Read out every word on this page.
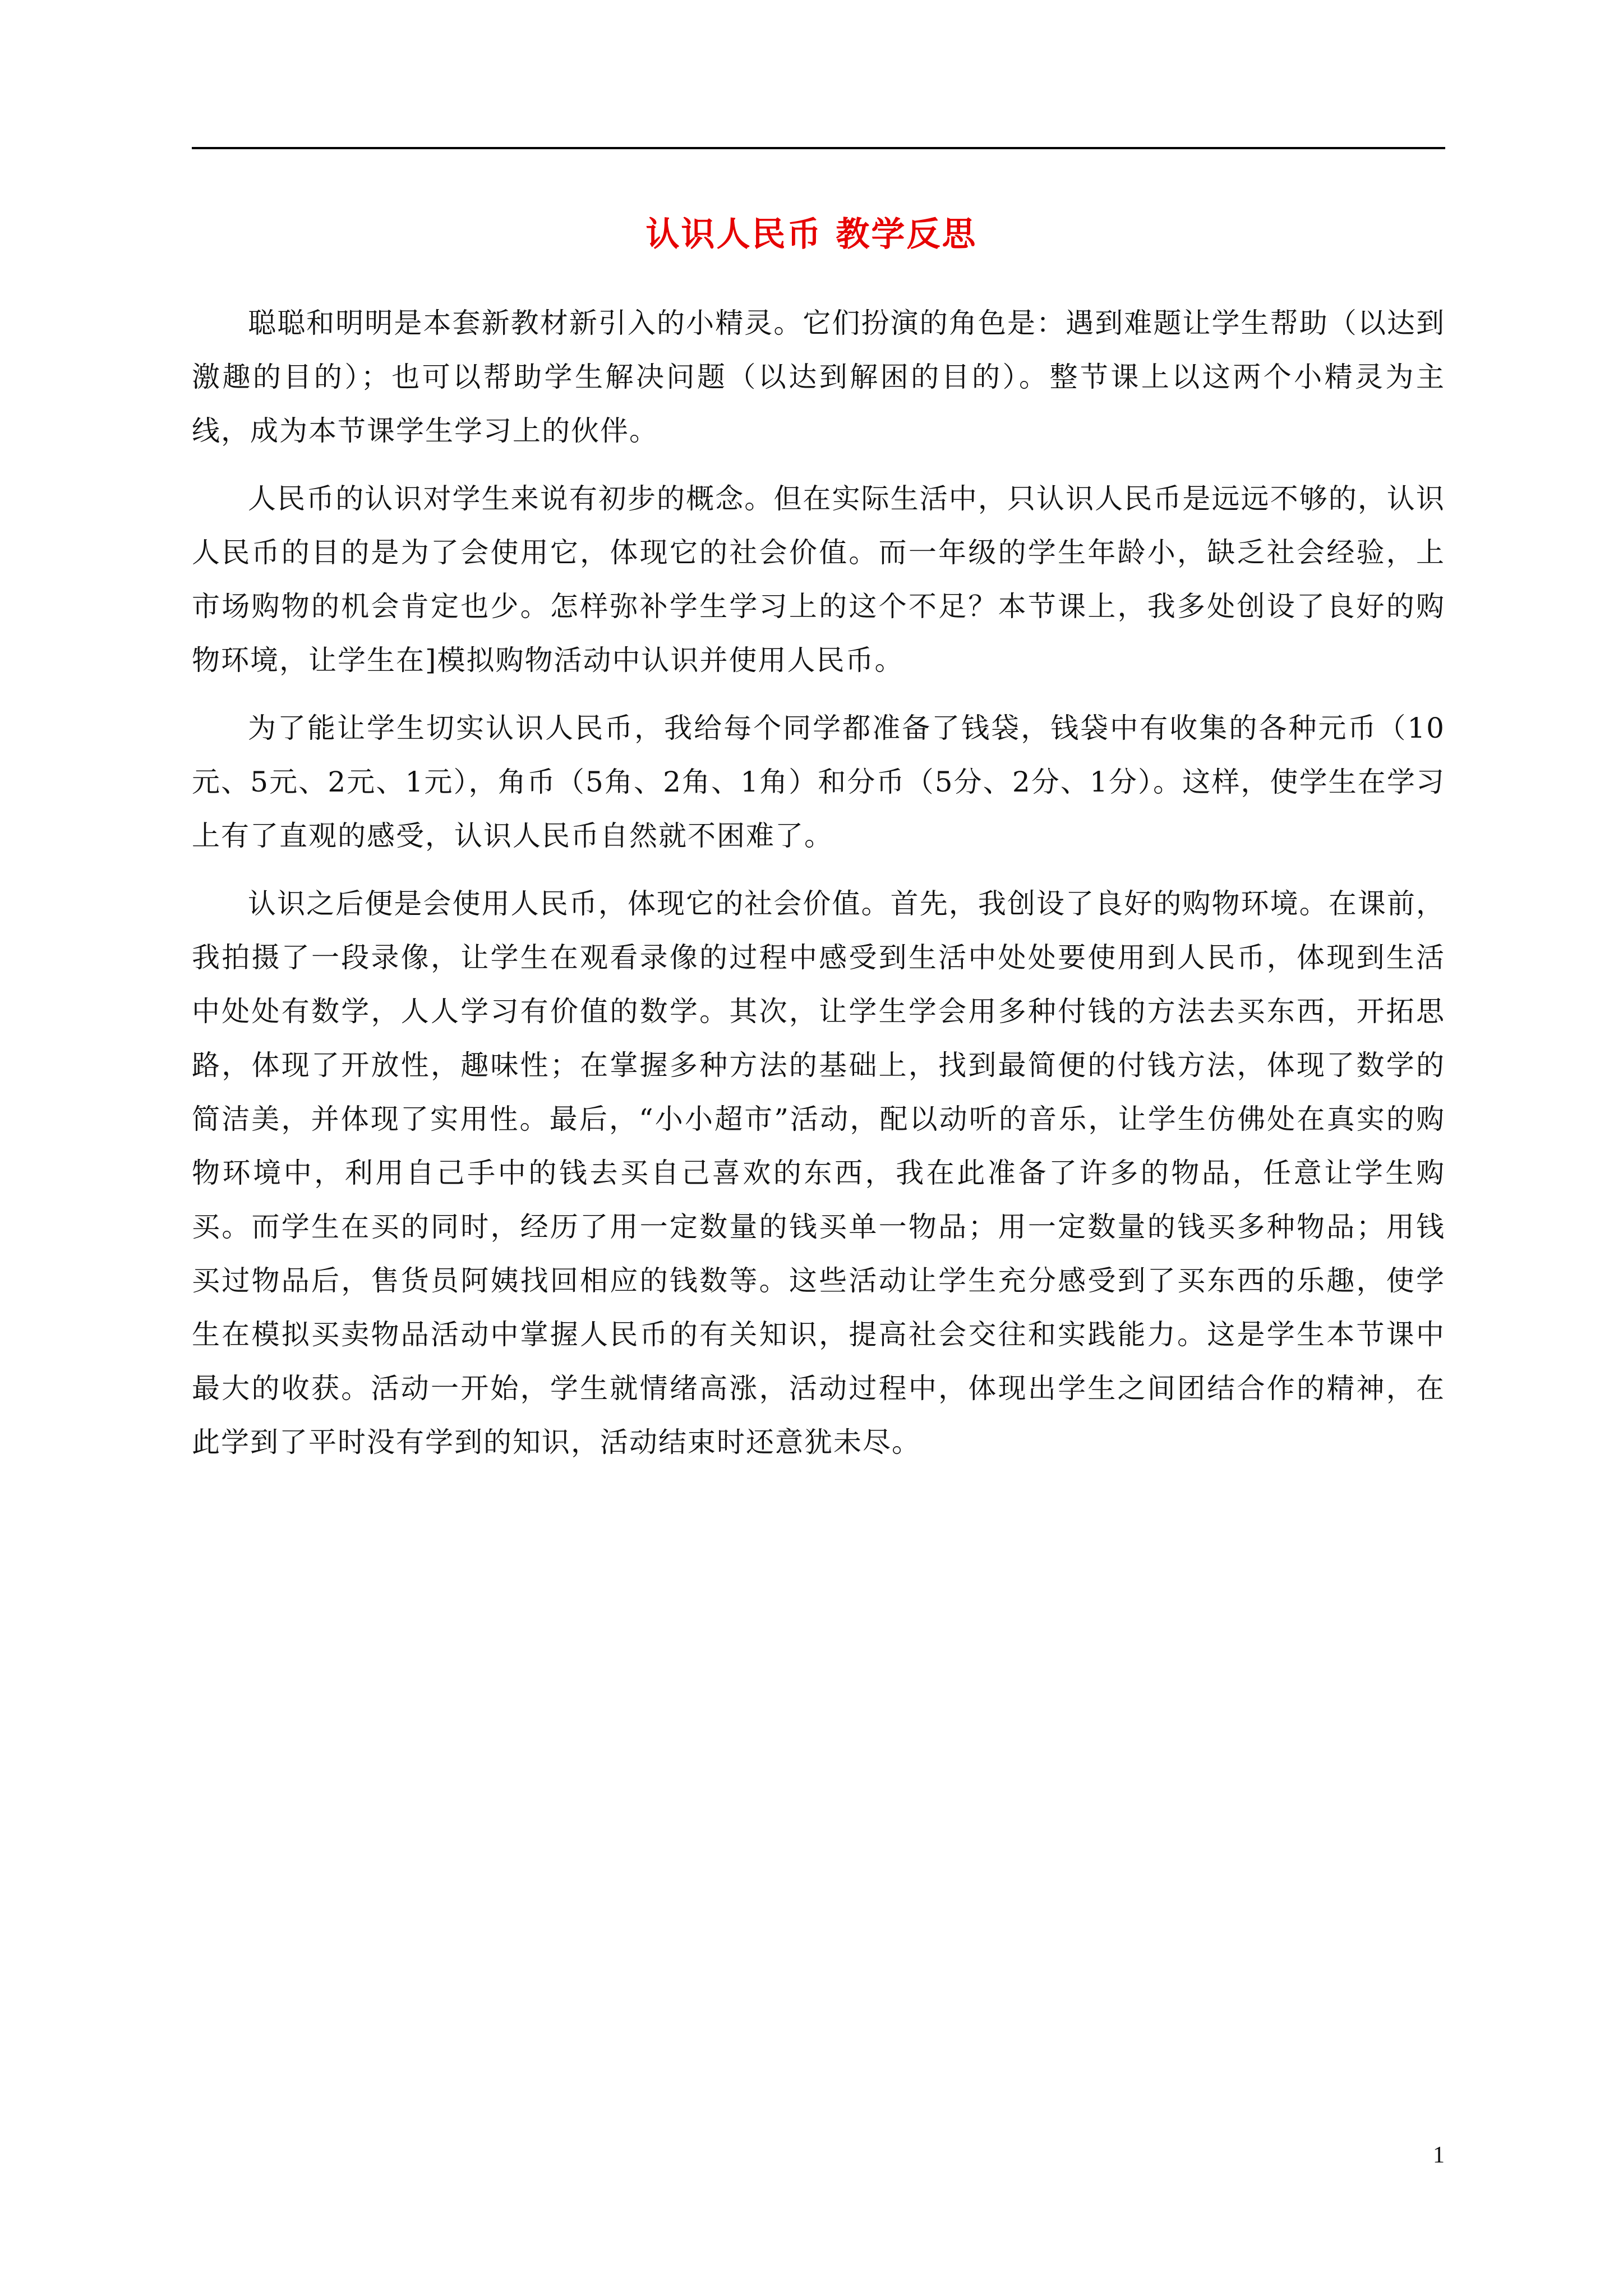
认识人民币 教学反思

聪聪和明明是本套新教材新引入的小精灵。它们扮演的角色是：遇到难题让学生帮助（以达到激趣的目的）；也可以帮助学生解决问题（以达到解困的目的）。整节课上以这两个小精灵为主线，成为本节课学生学习上的伙伴。

人民币的认识对学生来说有初步的概念。但在实际生活中，只认识人民币是远远不够的，认识人民币的目的是为了会使用它，体现它的社会价值。而一年级的学生年龄小，缺乏社会经验，上市场购物的机会肯定也少。怎样弥补学生学习上的这个不足？本节课上，我多处创设了良好的购物环境，让学生在]模拟购物活动中认识并使用人民币。

为了能让学生切实认识人民币，我给每个同学都准备了钱袋，钱袋中有收集的各种元币（10元、5元、2元、1元），角币（5角、2角、1角）和分币（5分、2分、1分）。这样，使学生在学习上有了直观的感受，认识人民币自然就不困难了。

认识之后便是会使用人民币，体现它的社会价值。首先，我创设了良好的购物环境。在课前，我拍摄了一段录像，让学生在观看录像的过程中感受到生活中处处要使用到人民币，体现到生活中处处有数学，人人学习有价值的数学。其次，让学生学会用多种付钱的方法去买东西，开拓思路，体现了开放性，趣味性；在掌握多种方法的基础上，找到最简便的付钱方法，体现了数学的简洁美，并体现了实用性。最后，“小小超市”活动，配以动听的音乐，让学生仿佛处在真实的购物环境中，利用自己手中的钱去买自己喜欢的东西，我在此准备了许多的物品，任意让学生购买。而学生在买的同时，经历了用一定数量的钱买单一物品；用一定数量的钱买多种物品；用钱买过物品后，售货员阿姨找回相应的钱数等。这些活动让学生充分感受到了买东西的乐趣，使学生在模拟买卖物品活动中掌握人民币的有关知识，提高社会交往和实践能力。这是学生本节课中最大的收获。活动一开始，学生就情绪高涨，活动过程中，体现出学生之间团结合作的精神，在此学到了平时没有学到的知识，活动结束时还意犹未尽。

1
